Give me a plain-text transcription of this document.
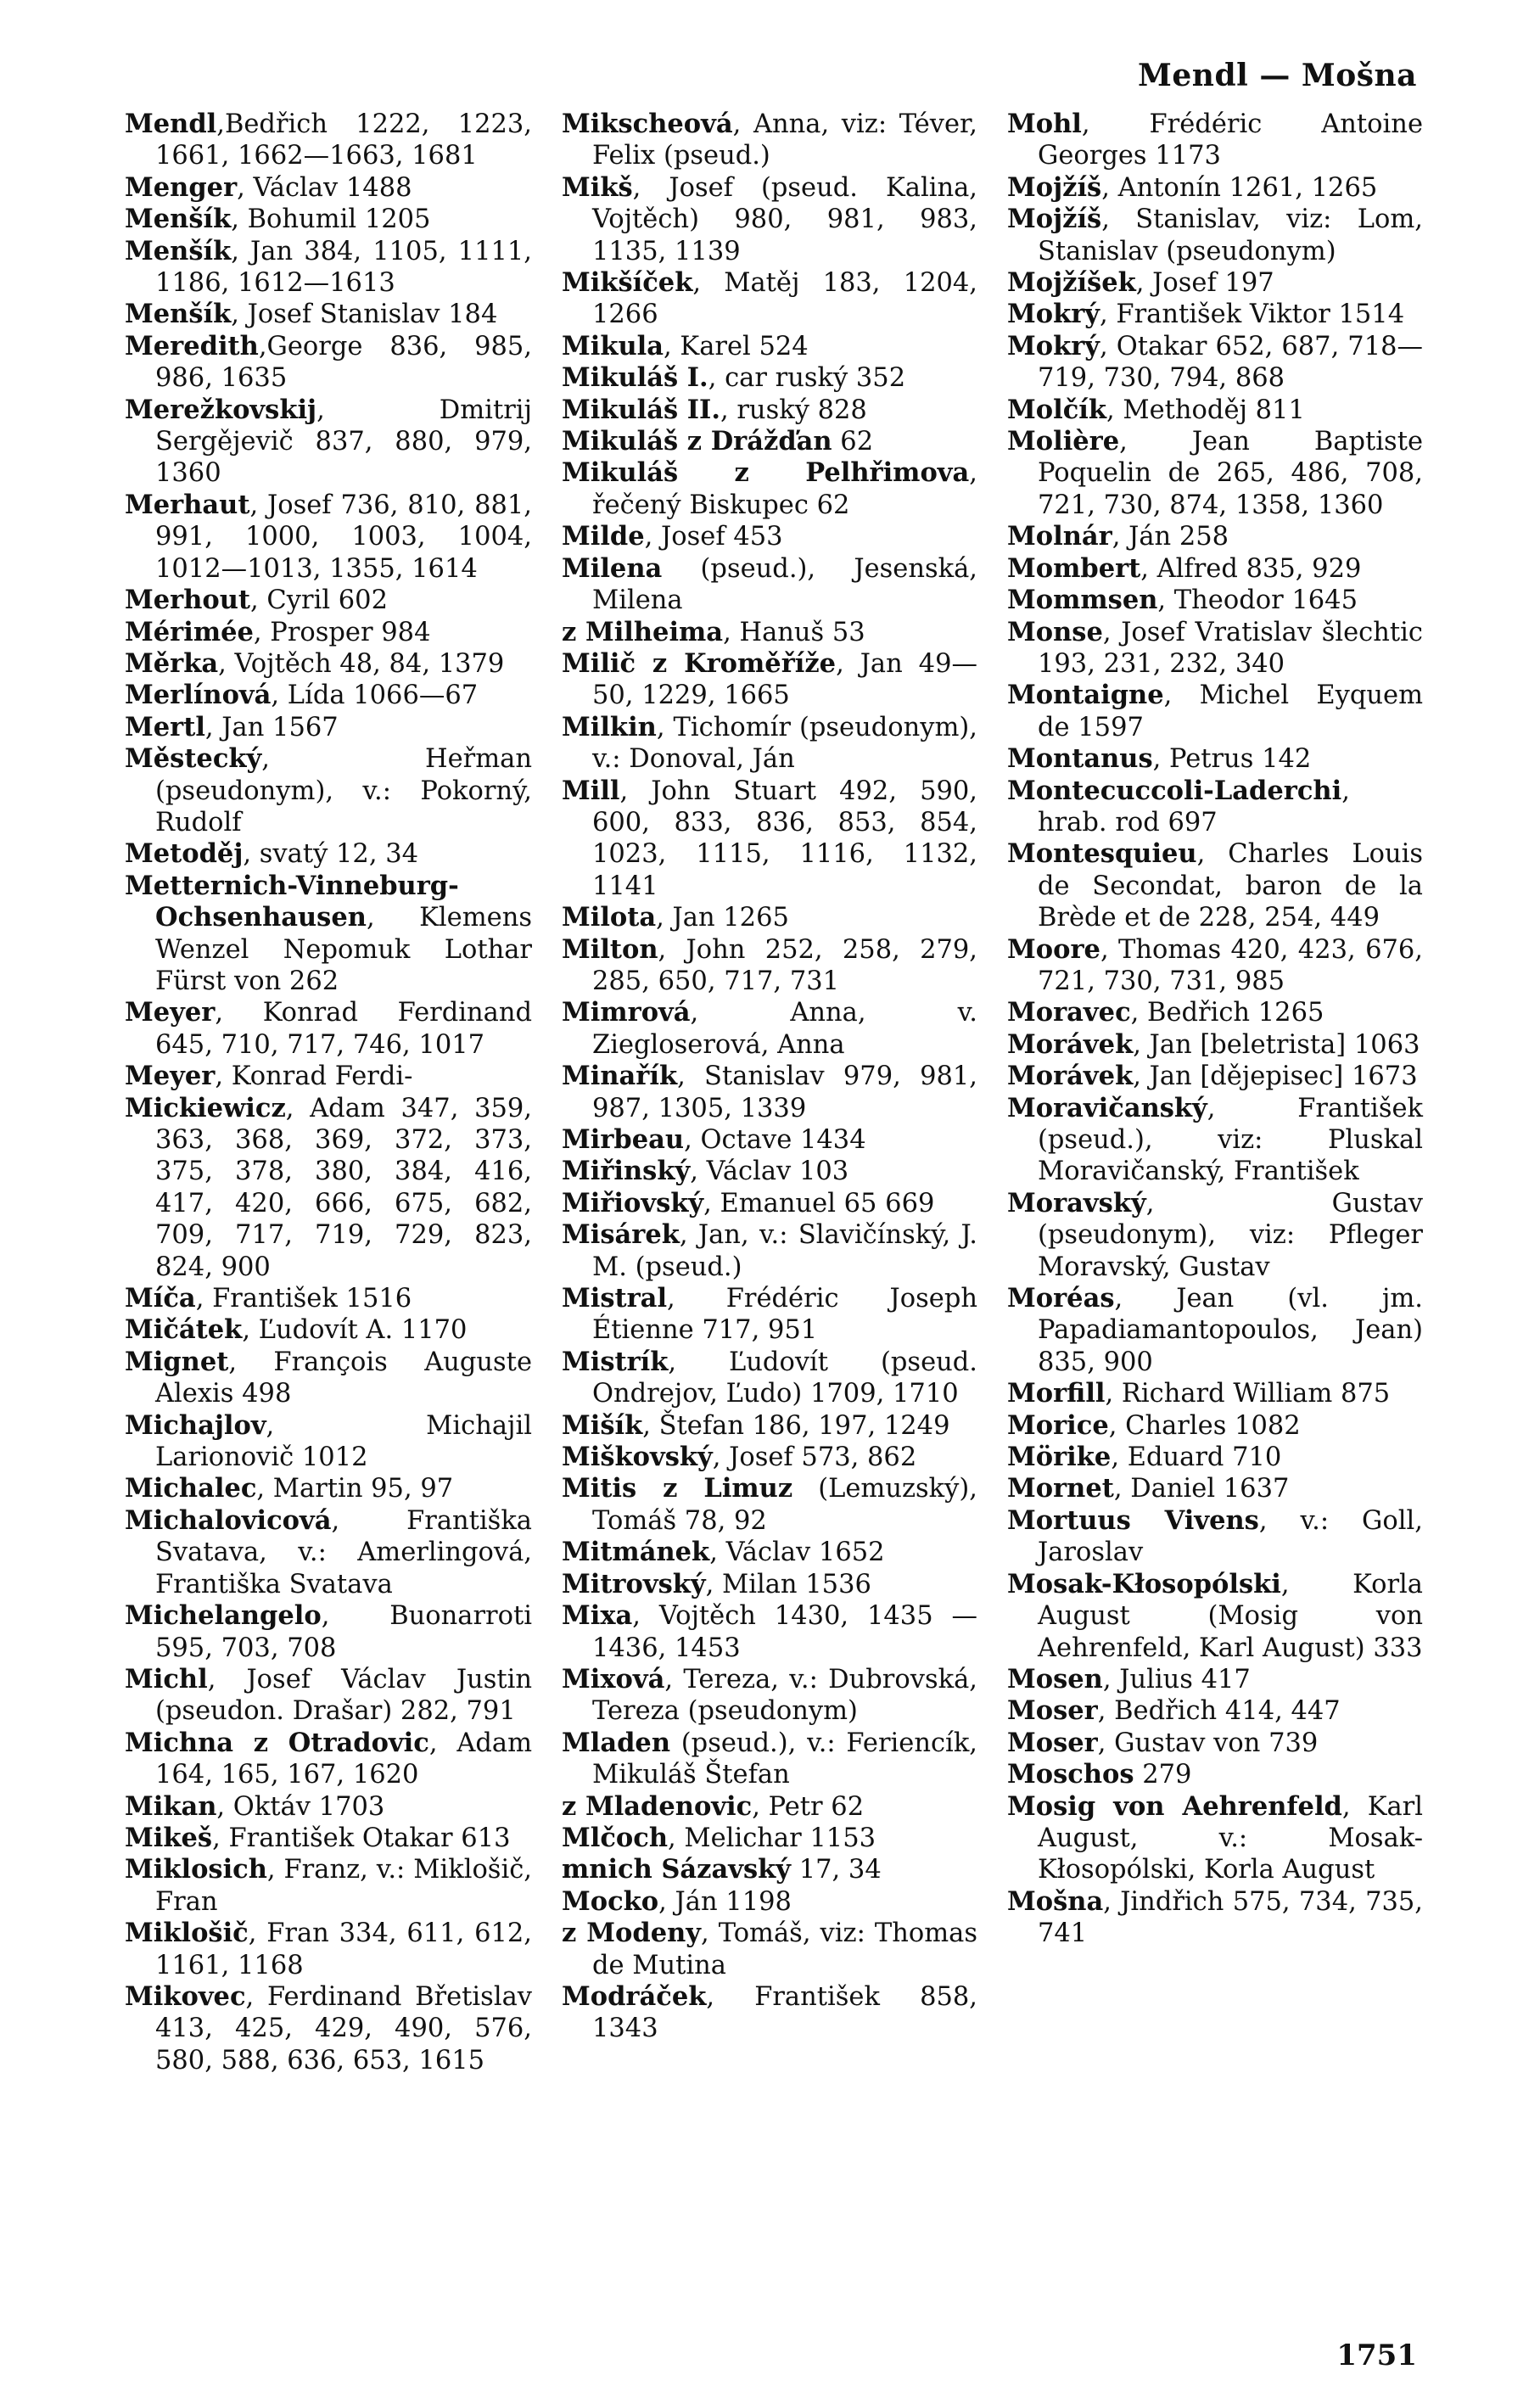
Mendl — Mošna
Mendl,Bedřich 1222, 1223, 1661, 1662—1663, 1681
Menger, Václav 1488
Menšík, Bohumil 1205
Menšík, Jan 384, 1105, 1111, 1186, 1612—1613
Menšík, Josef Stanislav 184
Meredith,George 836, 985, 986, 1635
Merežkovskij, Dmitrij Sergějevič 837, 880, 979, 1360
Merhaut, Josef 736, 810, 881, 991, 1000, 1003, 1004, 1012—1013, 1355, 1614
Merhout, Cyril 602
Mérimée, Prosper 984
Měrka, Vojtěch 48, 84, 1379
Merlínová, Lída 1066—67
Mertl, Jan 1567
Městecký, Heřman (pseudonym), v.: Pokorný, Rudolf
Metoděj, svatý 12, 34
Metternich-Vinneburg-Ochsenhausen, Klemens Wenzel Nepomuk Lothar Fürst von 262
Meyer, Konrad Ferdinand 645, 710, 717, 746, 1017
Meyer, Konrad Ferdi-
Mickiewicz, Adam 347, 359, 363, 368, 369, 372, 373, 375, 378, 380, 384, 416, 417, 420, 666, 675, 682, 709, 717, 719, 729, 823, 824, 900
Míča, František 1516
Mičátek, Ľudovít A. 1170
Mignet, François Auguste Alexis 498
Michajlov, Michajil Larionovič 1012
Michalec, Martin 95, 97
Michalovicová, Františka Svatava, v.: Amerlingová, Františka Svatava
Michelangelo, Buonarroti 595, 703, 708
Michl, Josef Václav Justin (pseudon. Drašar) 282, 791
Michna z Otradovic, Adam 164, 165, 167, 1620
Mikan, Oktáv 1703
Mikeš, František Otakar 613
Miklosich, Franz, v.: Miklošič, Fran
Miklošič, Fran 334, 611, 612, 1161, 1168
Mikovec, Ferdinand Břetislav 413, 425, 429, 490, 576, 580, 588, 636, 653, 1615
Mikscheová, Anna, viz: Téver, Felix (pseud.)
Mikš, Josef (pseud. Kalina, Vojtěch) 980, 981, 983, 1135, 1139
Mikšíček, Matěj 183, 1204, 1266
Mikula, Karel 524
Mikuláš I., car ruský 352
Mikuláš II., ruský 828
Mikuláš z Drážďan 62
Mikuláš z Pelhřimova, řečený Biskupec 62
Milde, Josef 453
Milena (pseud.), Jesenská, Milena
z Milheima, Hanuš 53
Milič z Kroměříže, Jan 49—50, 1229, 1665
Milkin, Tichomír (pseudonym), v.: Donoval, Ján
Mill, John Stuart 492, 590, 600, 833, 836, 853, 854, 1023, 1115, 1116, 1132, 1141
Milota, Jan 1265
Milton, John 252, 258, 279, 285, 650, 717, 731
Mimrová, Anna, v. Ziegloserová, Anna
Minařík, Stanislav 979, 981, 987, 1305, 1339
Mirbeau, Octave 1434
Miřinský, Václav 103
Miřiovský, Emanuel 65 669
Misárek, Jan, v.: Slavičínský, J. M. (pseud.)
Mistral, Frédéric Joseph Étienne 717, 951
Mistrík, Ľudovít (pseud. Ondrejov, Ľudo) 1709, 1710
Mišík, Štefan 186, 197, 1249
Miškovský, Josef 573, 862
Mitis z Limuz (Lemuzský), Tomáš 78, 92
Mitmánek, Václav 1652
Mitrovský, Milan 1536
Mixa, Vojtěch 1430, 1435 —1436, 1453
Mixová, Tereza, v.: Dubrovská, Tereza (pseudonym)
Mladen (pseud.), v.: Feriencík, Mikuláš Štefan
z Mladenovic, Petr 62
Mlčoch, Melichar 1153
mnich Sázavský 17, 34
Mocko, Ján 1198
z Modeny, Tomáš, viz: Thomas de Mutina
Modráček, František 858, 1343
Mohl, Frédéric Antoine Georges 1173
Mojžíš, Antonín 1261, 1265
Mojžíš, Stanislav, viz: Lom, Stanislav (pseudonym)
Mojžíšek, Josef 197
Mokrý, František Viktor 1514
Mokrý, Otakar 652, 687, 718—719, 730, 794, 868
Molčík, Methoděj 811
Molière, Jean Baptiste Poquelin de 265, 486, 708, 721, 730, 874, 1358, 1360
Molnár, Ján 258
Mombert, Alfred 835, 929
Mommsen, Theodor 1645
Monse, Josef Vratislav šlechtic 193, 231, 232, 340
Montaigne, Michel Eyquem de 1597
Montanus, Petrus 142
Montecuccoli-Laderchi, hrab. rod 697
Montesquieu, Charles Louis de Secondat, baron de la Brède et de 228, 254, 449
Moore, Thomas 420, 423, 676, 721, 730, 731, 985
Moravec, Bedřich 1265
Morávek, Jan [beletrista] 1063
Morávek, Jan [dějepisec] 1673
Moravičanský, František (pseud.), viz: Pluskal Moravičanský, František
Moravský, Gustav (pseudonym), viz: Pfleger Moravský, Gustav
Moréas, Jean (vl. jm. Papadiamantopoulos, Jean) 835, 900
Morfill, Richard William 875
Morice, Charles 1082
Mörike, Eduard 710
Mornet, Daniel 1637
Mortuus Vivens, v.: Goll, Jaroslav
Mosak-Kłosopólski, Korla August (Mosig von Aehrenfeld, Karl August) 333
Mosen, Julius 417
Moser, Bedřich 414, 447
Moser, Gustav von 739
Moschos 279
Mosig von Aehrenfeld, Karl August, v.: Mosak-Kłosopólski, Korla August
Mošna, Jindřich 575, 734, 735, 741
1751
